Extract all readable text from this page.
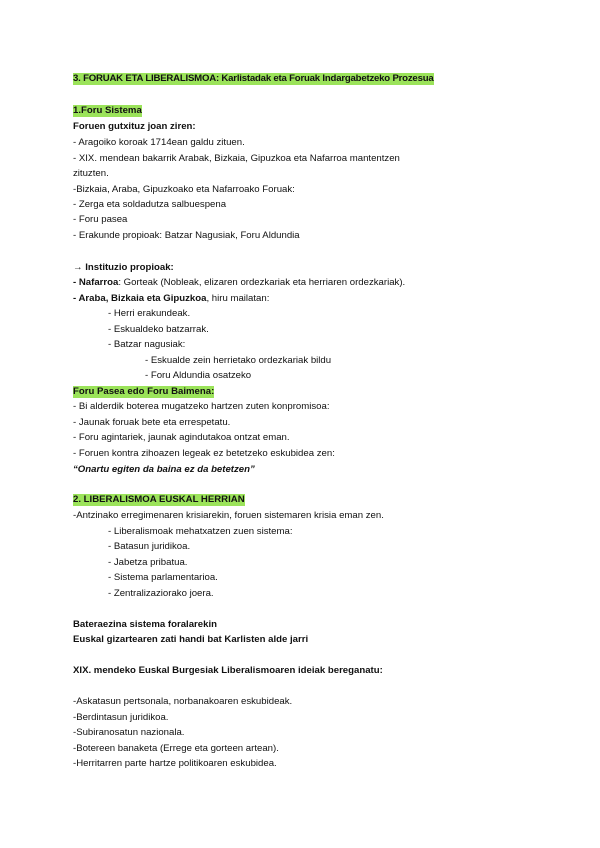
3. FORUAK ETA LIBERALISMOA: Karlistadak eta Foruak Indargabetzeko Prozesua
1.Foru Sistema
Foruen gutxituz joan ziren:
- Aragoiko koroak 1714ean galdu zituen.
- XIX. mendean bakarrik Arabak, Bizkaia, Gipuzkoa eta Nafarroa mantentzen
zituzten.
-Bizkaia, Araba, Gipuzkoako eta Nafarroako Foruak:
- Zerga eta soldadutza salbuespena
- Foru pasea
- Erakunde propioak: Batzar Nagusiak, Foru Aldundia
→ Instituzio propioak:
- Nafarroa: Gorteak (Nobleak, elizaren ordezkariak eta herriaren ordezkariak).
- Araba, Bizkaia eta Gipuzkoa, hiru mailatan:
- Herri erakundeak.
- Eskualdeko batzarrak.
- Batzar nagusiak:
- Eskualde zein herrietako ordezkariak bildu
- Foru Aldundia osatzeko
Foru Pasea edo Foru Baimena:
- Bi alderdik boterea mugatzeko hartzen zuten konpromisoa:
- Jaunak foruak bete eta errespetatu.
- Foru agintariek, jaunak agindutakoa ontzat eman.
- Foruen kontra zihoazen legeak ez betetzeko eskubidea zen:
“Onartu egiten da baina ez da betetzen”
2. LIBERALISMOA EUSKAL HERRIAN
-Antzinako erregimenaren krisiarekin, foruen sistemaren krisia eman zen.
- Liberalismoak mehatxatzen zuen sistema:
- Batasun juridikoa.
- Jabetza pribatua.
- Sistema parlamentarioa.
- Zentralizaziorako joera.
Bateraezina sistema foralarekin
Euskal gizartearen zati handi bat Karlisten alde jarri
XIX. mendeko Euskal Burgesiak Liberalismoaren ideiak bereganatu:
-Askatasun pertsonala, norbanakoaren eskubideak.
-Berdintasun juridikoa.
-Subiranosatun nazionala.
-Botereen banaketa (Errege eta gorteen artean).
-Herritarren parte hartze politikoaren eskubidea.
